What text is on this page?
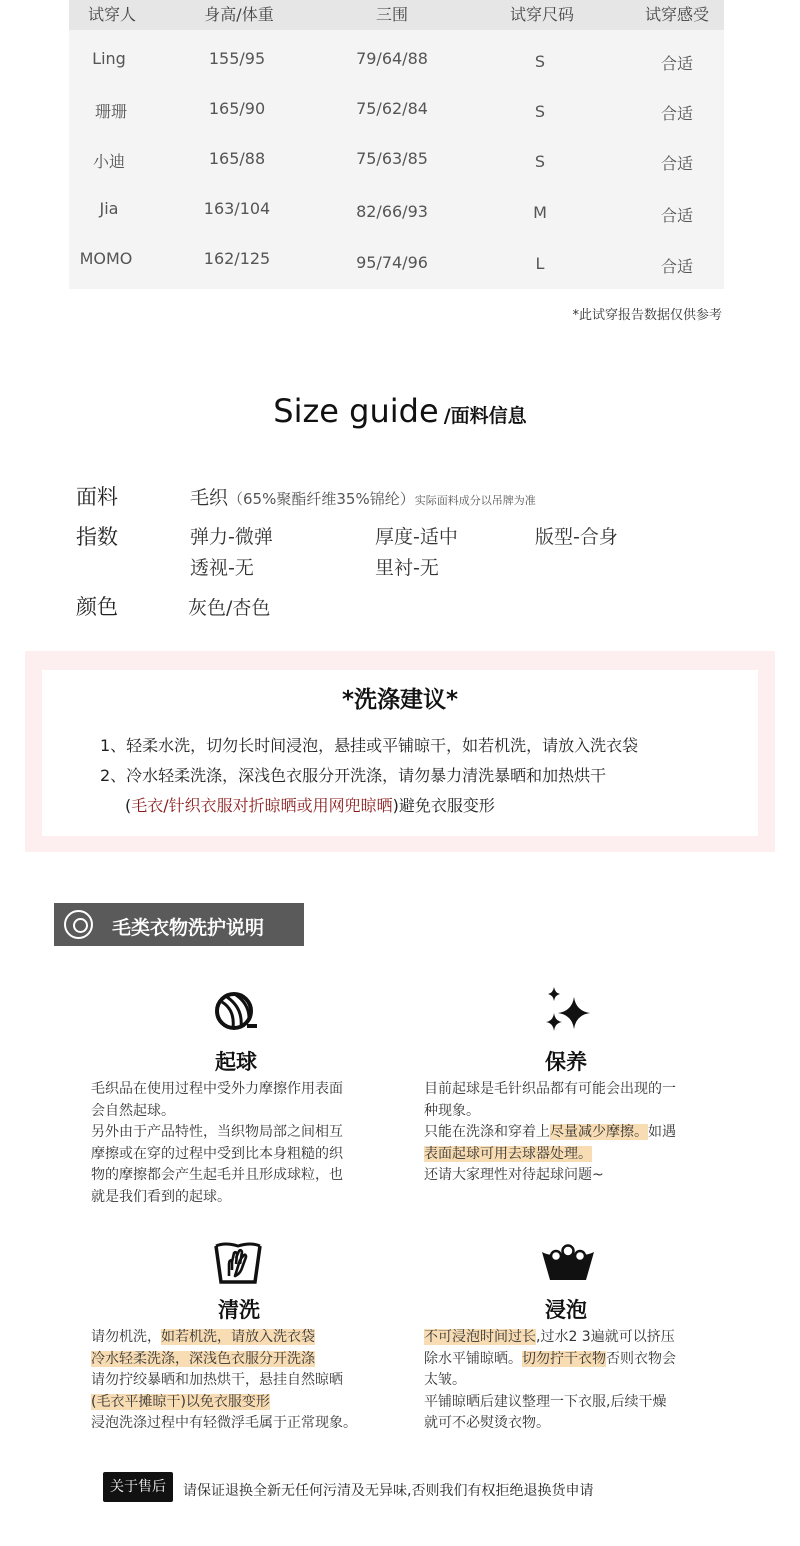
试穿人	身高/体重	三围	试穿尺码	试穿感受
Ling	155/95	79/64/88	S	合适
珊珊	165/90	75/62/84	S	合适
小迪	165/88	75/63/85	S	合适
Jia	163/104	82/66/93	M	合适
MOMO	162/125	95/74/96	L	合适
*此试穿报告数据仅供参考
Size guide /面料信息
面料	毛织（65%聚酯纤维35%锦纶）实际面料成分以吊牌为准
指数	弹力-微弹	厚度-适中	版型-合身
透视-无	里衬-无
颜色	灰色/杏色
*洗涤建议*
1、轻柔水洗，切勿长时间浸泡，悬挂或平铺晾干，如若机洗，请放入洗衣袋
2、冷水轻柔洗涤，深浅色衣服分开洗涤，请勿暴力清洗暴晒和加热烘干
(毛衣/针织衣服对折晾晒或用网兜晾晒)避免衣服变形
毛类衣物洗护说明
起球

毛织品在使用过程中受外力摩擦作用表面

会自然起球。

另外由于产品特性，当织物局部之间相互

摩擦或在穿的过程中受到比本身粗糙的织

物的摩擦都会产生起毛并且形成球粒，也

就是我们看到的起球。

保养

目前起球是毛针织品都有可能会出现的一

种现象。

只能在洗涤和穿着上尽量减少摩擦。如遇

表面起球可用去球器处理。

还请大家理性对待起球问题~

清洗

请勿机洗，如若机洗，请放入洗衣袋

冷水轻柔洗涤，深浅色衣服分开洗涤

请勿拧绞暴晒和加热烘干，悬挂自然晾晒

(毛衣平摊晾干)以免衣服变形

浸泡洗涤过程中有轻微浮毛属于正常现象。

浸泡

不可浸泡时间过长,过水2 3遍就可以挤压

除水平铺晾晒。切勿拧干衣物否则衣物会

太皱。

平铺晾晒后建议整理一下衣服,后续干燥

就可不必熨烫衣物。

关于售后	请保证退换全新无任何污清及无异味,否则我们有权拒绝退换货申请
